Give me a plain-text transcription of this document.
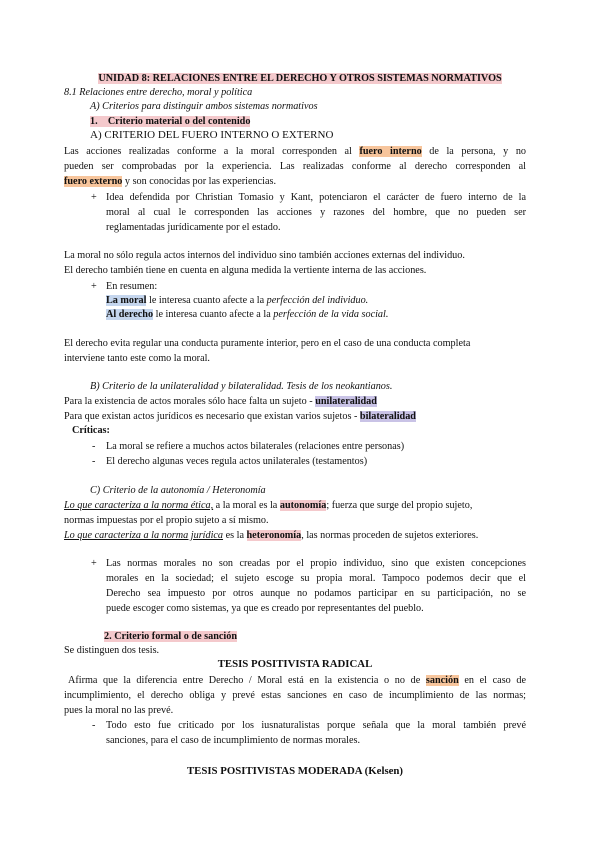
UNIDAD 8: RELACIONES ENTRE EL DERECHO Y OTROS SISTEMAS NORMATIVOS
8.1 Relaciones entre derecho, moral y política
A) Criterios para distinguir ambos sistemas normativos
1. Criterio material o del contenido
A) CRITERIO DEL FUERO INTERNO O EXTERNO
Las acciones realizadas conforme a la moral corresponden al fuero interno de la persona, y no
pueden ser comprobadas por la experiencia. Las realizadas conforme al derecho corresponden al
fuero externo y son conocidas por las experiencias.
+ Idea defendida por Christian Tomasio y Kant, potenciaron el carácter de fuero interno de la
moral al cual le corresponden las acciones y razones del hombre, que no pueden ser
reglamentadas jurídicamente por el estado.
La moral no sólo regula actos internos del individuo sino también acciones externas del individuo.
El derecho también tiene en cuenta en alguna medida la vertiente interna de las acciones.
+ En resumen:
La moral le interesa cuanto afecte a la perfección del individuo.
Al derecho le interesa cuanto afecte a la perfección de la vida social.
El derecho evita regular una conducta puramente interior, pero en el caso de una conducta completa
interviene tanto este como la moral.
B) Criterio de la unilateralidad y bilateralidad. Tesis de los neokantianos.
Para la existencia de actos morales sólo hace falta un sujeto - unilateralidad
Para que existan actos jurídicos es necesario que existan varios sujetos - bilateralidad
Críticas:
- La moral se refiere a muchos actos bilaterales (relaciones entre personas)
- El derecho algunas veces regula actos unilaterales (testamentos)
C) Criterio de la autonomía / Heteronomía
Lo que caracteriza a la norma ética, a la moral es la autonomía; fuerza que surge del propio sujeto,
normas impuestas por el propio sujeto a sí mismo.
Lo que caracteriza a la norma jurídica es la heteronomía, las normas proceden de sujetos exteriores.
+ Las normas morales no son creadas por el propio individuo, sino que existen concepciones
morales en la sociedad; el sujeto escoge su propia moral. Tampoco podemos decir que el
Derecho sea impuesto por otros aunque no podamos participar en su participación, no se
puede escoger como sistemas, ya que es creado por representantes del pueblo.
2. Criterio formal o de sanción
Se distinguen dos tesis.
TESIS POSITIVISTA RADICAL
Afirma que la diferencia entre Derecho / Moral está en la existencia o no de sanción en el caso de
incumplimiento, el derecho obliga y prevé estas sanciones en caso de incumplimiento de las normas;
pues la moral no las prevé.
- Todo esto fue criticado por los iusnaturalistas porque señala que la moral también prevé
sanciones, para el caso de incumplimiento de normas morales.
TESIS POSITIVISTAS MODERADA (Kelsen)
